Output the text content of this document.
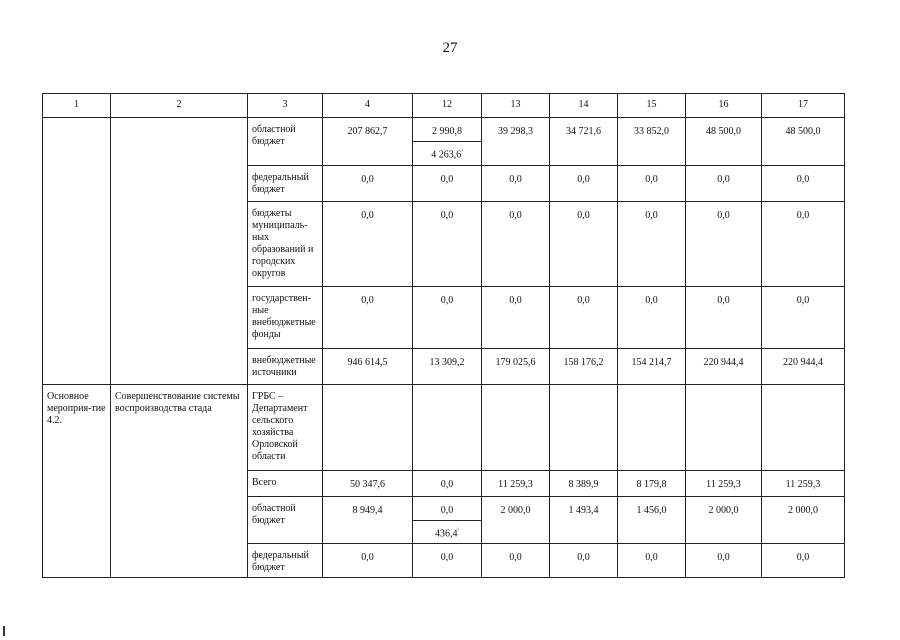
27
1	2	3	4	12	13	14	15	16	17
		областной бюджет	207 862,7	2 990,8	39 298,3	34 721,6	33 852,0	48 500,0	48 500,0
				4 263,6⁾
		федеральный бюджет	0,0	0,0	0,0	0,0	0,0	0,0	0,0
		бюджеты муниципаль-ных образований и городских округов	0,0	0,0	0,0	0,0	0,0	0,0	0,0
		государствен-ные внебюджетные фонды	0,0	0,0	0,0	0,0	0,0	0,0	0,0
		внебюджетные источники	946 614,5	13 309,2	179 025,6	158 176,2	154 214,7	220 944,4	220 944,4
Основное мероприя-тие 4.2.	Совершенствование системы воспроизводства стада	ГРБС – Департамент сельского хозяйства Орловской области							
		Всего	50 347,6	0,0	11 259,3	8 389,9	8 179,8	11 259,3	11 259,3
		областной бюджет	8 949,4	0,0	2 000,0	1 493,4	1 456,0	2 000,0	2 000,0
				436,4⁾
		федеральный бюджет	0,0	0,0	0,0	0,0	0,0	0,0	0,0
